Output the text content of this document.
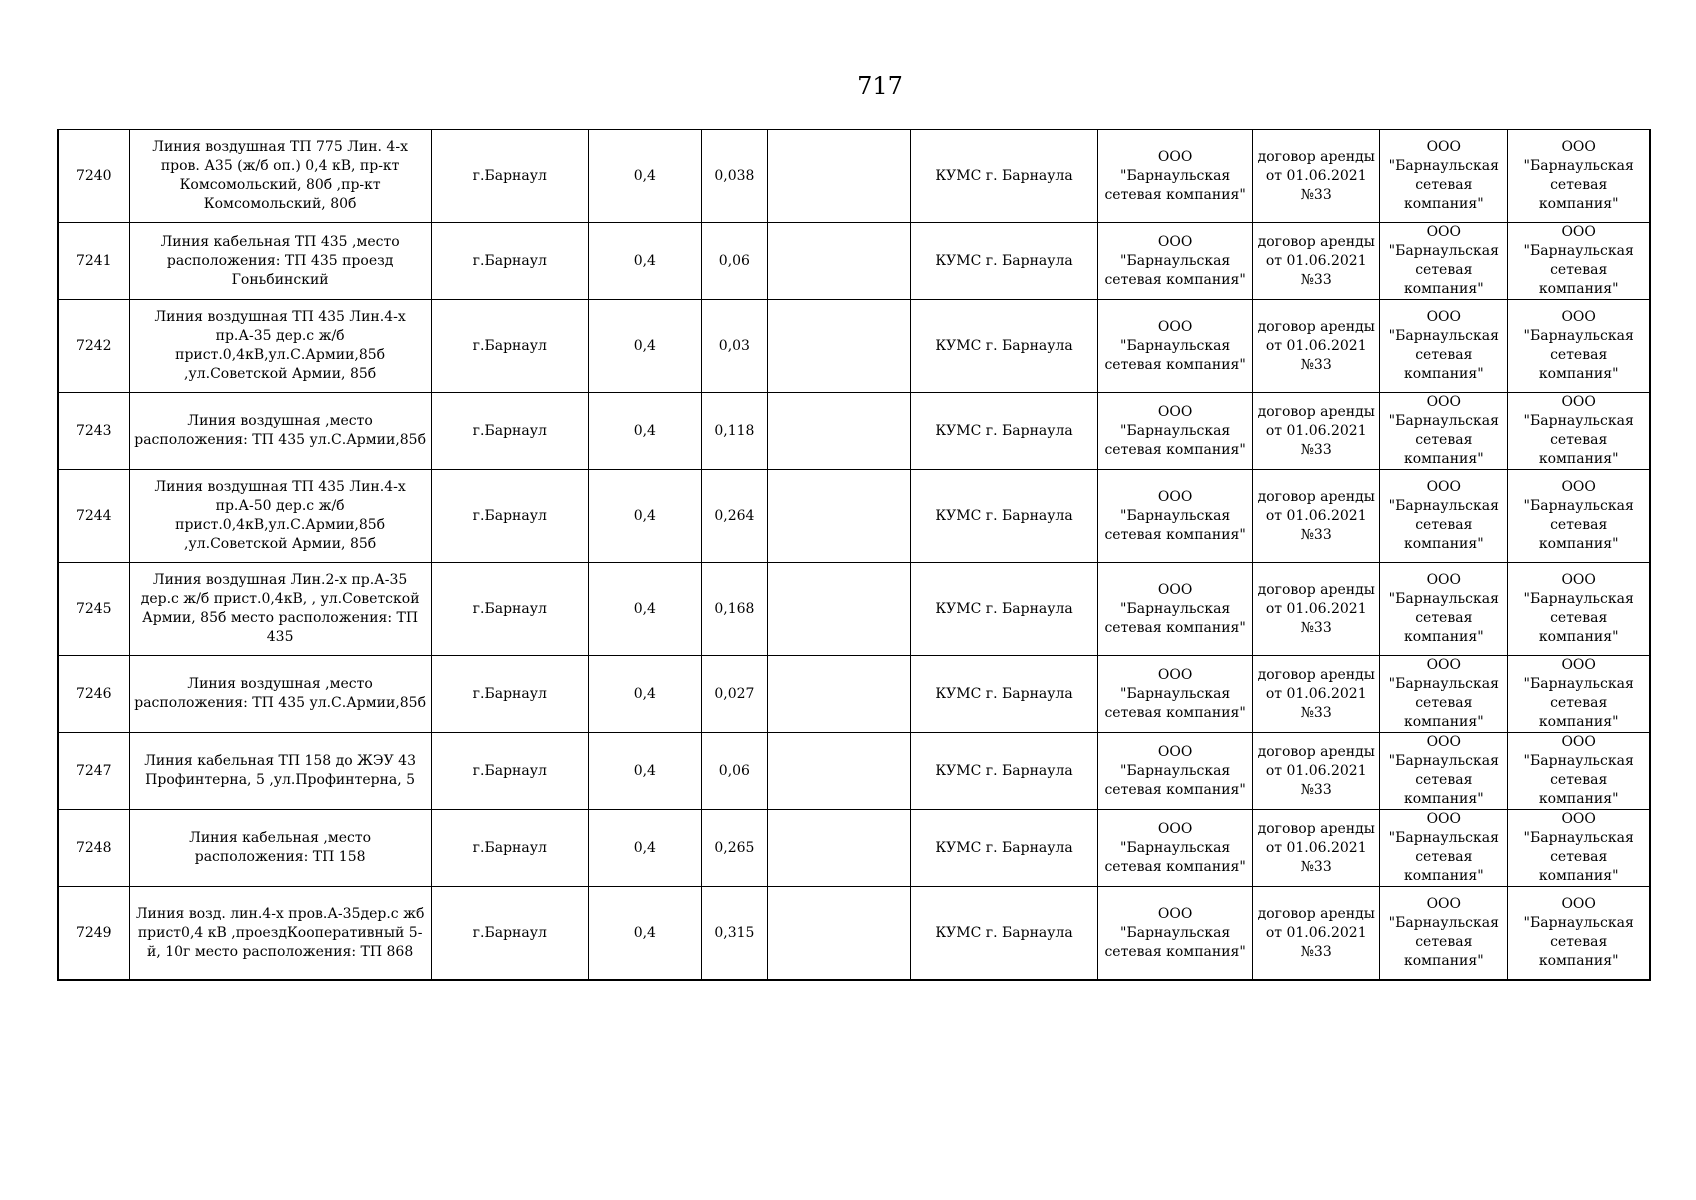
717
7240	Линия воздушная ТП 775 Лин. 4-х пров. А35 (ж/б оп.) 0,4 кВ, пр-кт Комсомольский, 80б ,пр-кт Комсомольский, 80б	г.Барнаул	0,4	0,038		КУМС г. Барнаула	ООО "Барнаульская сетевая компания"	договор аренды от 01.06.2021 №33	ООО "Барнаульская сетевая компания"	ООО "Барнаульская сетевая компания"
7241	Линия кабельная ТП 435 ,место расположения: ТП 435 проезд Гоньбинский	г.Барнаул	0,4	0,06		КУМС г. Барнаула	ООО "Барнаульская сетевая компания"	договор аренды от 01.06.2021 №33	ООО "Барнаульская сетевая компания"	ООО "Барнаульская сетевая компания"
7242	Линия воздушная ТП 435 Лин.4-х пр.А-35 дер.с ж/б прист.0,4кВ,ул.С.Армии,85б ,ул.Советской Армии, 85б	г.Барнаул	0,4	0,03		КУМС г. Барнаула	ООО "Барнаульская сетевая компания"	договор аренды от 01.06.2021 №33	ООО "Барнаульская сетевая компания"	ООО "Барнаульская сетевая компания"
7243	Линия воздушная ,место расположения: ТП 435 ул.С.Армии,85б	г.Барнаул	0,4	0,118		КУМС г. Барнаула	ООО "Барнаульская сетевая компания"	договор аренды от 01.06.2021 №33	ООО "Барнаульская сетевая компания"	ООО "Барнаульская сетевая компания"
7244	Линия воздушная ТП 435 Лин.4-х пр.А-50 дер.с ж/б прист.0,4кВ,ул.С.Армии,85б ,ул.Советской Армии, 85б	г.Барнаул	0,4	0,264		КУМС г. Барнаула	ООО "Барнаульская сетевая компания"	договор аренды от 01.06.2021 №33	ООО "Барнаульская сетевая компания"	ООО "Барнаульская сетевая компания"
7245	Линия воздушная Лин.2-х пр.А-35 дер.с ж/б прист.0,4кВ, , ул.Советской Армии, 85б место расположения: ТП 435	г.Барнаул	0,4	0,168		КУМС г. Барнаула	ООО "Барнаульская сетевая компания"	договор аренды от 01.06.2021 №33	ООО "Барнаульская сетевая компания"	ООО "Барнаульская сетевая компания"
7246	Линия воздушная ,место расположения: ТП 435 ул.С.Армии,85б	г.Барнаул	0,4	0,027		КУМС г. Барнаула	ООО "Барнаульская сетевая компания"	договор аренды от 01.06.2021 №33	ООО "Барнаульская сетевая компания"	ООО "Барнаульская сетевая компания"
7247	Линия кабельная ТП 158 до ЖЭУ 43 Профинтерна, 5 ,ул.Профинтерна, 5	г.Барнаул	0,4	0,06		КУМС г. Барнаула	ООО "Барнаульская сетевая компания"	договор аренды от 01.06.2021 №33	ООО "Барнаульская сетевая компания"	ООО "Барнаульская сетевая компания"
7248	Линия кабельная ,место расположения: ТП 158	г.Барнаул	0,4	0,265		КУМС г. Барнаула	ООО "Барнаульская сетевая компания"	договор аренды от 01.06.2021 №33	ООО "Барнаульская сетевая компания"	ООО "Барнаульская сетевая компания"
7249	Линия возд. лин.4-х пров.А-35дер.с жб прист0,4 кВ ,проездКооперативный 5-й, 10г место расположения: ТП 868	г.Барнаул	0,4	0,315		КУМС г. Барнаула	ООО "Барнаульская сетевая компания"	договор аренды от 01.06.2021 №33	ООО "Барнаульская сетевая компания"	ООО "Барнаульская сетевая компания"
